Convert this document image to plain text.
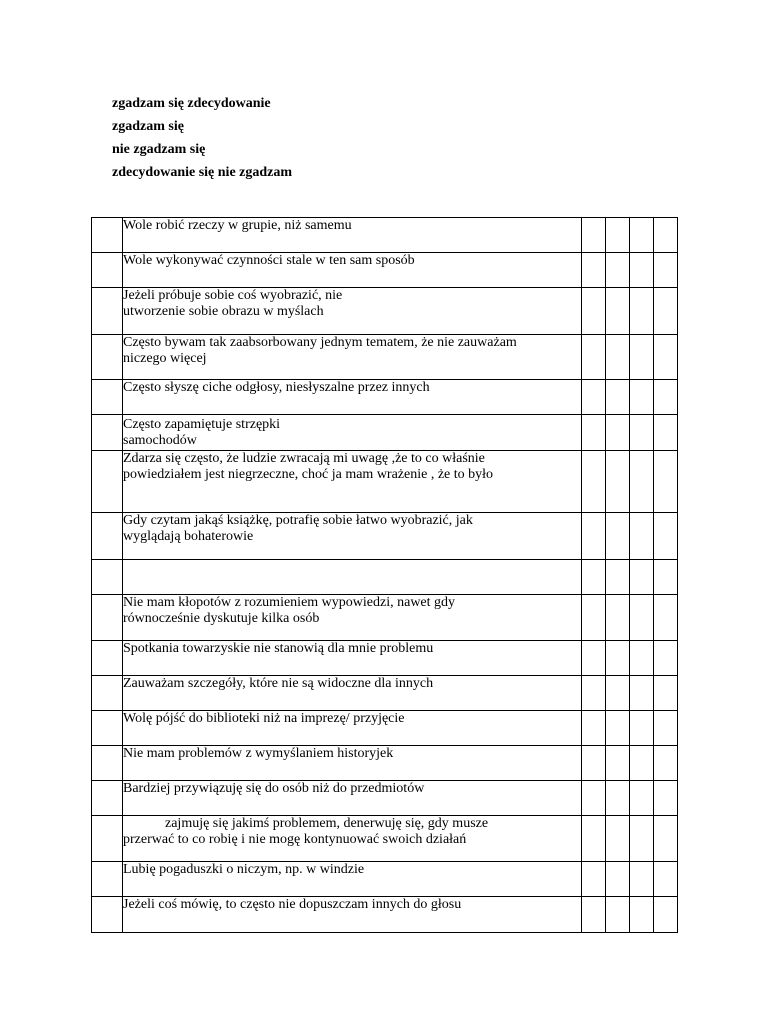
zgadzam się zdecydowanie
zgadzam się
nie zgadzam się
zdecydowanie się nie zgadzam
	Wole robić rzeczy w grupie, niż samemu				
	Wole wykonywać czynności stale w ten sam sposób				
	Jeżeli próbuje sobie coś wyobrazić, nie
utworzenie sobie obrazu w myślach				
	Często bywam tak zaabsorbowany jednym tematem, że nie zauważam
niczego więcej				
	Często słyszę ciche odgłosy, niesłyszalne przez innych				
	Często zapamiętuje strzępki
samochodów				
	Zdarza się często, że ludzie zwracają mi uwagę ,że to co właśnie
powiedziałem jest niegrzeczne, choć ja mam wrażenie , że to było				
	Gdy czytam jakąś książkę, potrafię sobie łatwo wyobrazić, jak
wyglądają bohaterowie				

	Nie mam kłopotów z rozumieniem wypowiedzi, nawet gdy
równocześnie dyskutuje kilka osób				
	Spotkania towarzyskie nie stanowią dla mnie problemu				
	Zauważam szczegóły, które nie są widoczne dla innych				
	Wolę pójść do biblioteki niż na imprezę/ przyjęcie				
	Nie mam problemów z wymyślaniem historyjek				
	Bardziej przywiązuję się do osób niż do przedmiotów				

	zajmuję się jakimś problemem, denerwuję się, gdy musze
przerwać to co robię i nie mogę kontynuować swoich działań				

	Lubię pogaduszki o niczym, np. w windzie				
	Jeżeli coś mówię, to często nie dopuszczam innych do głosu				
